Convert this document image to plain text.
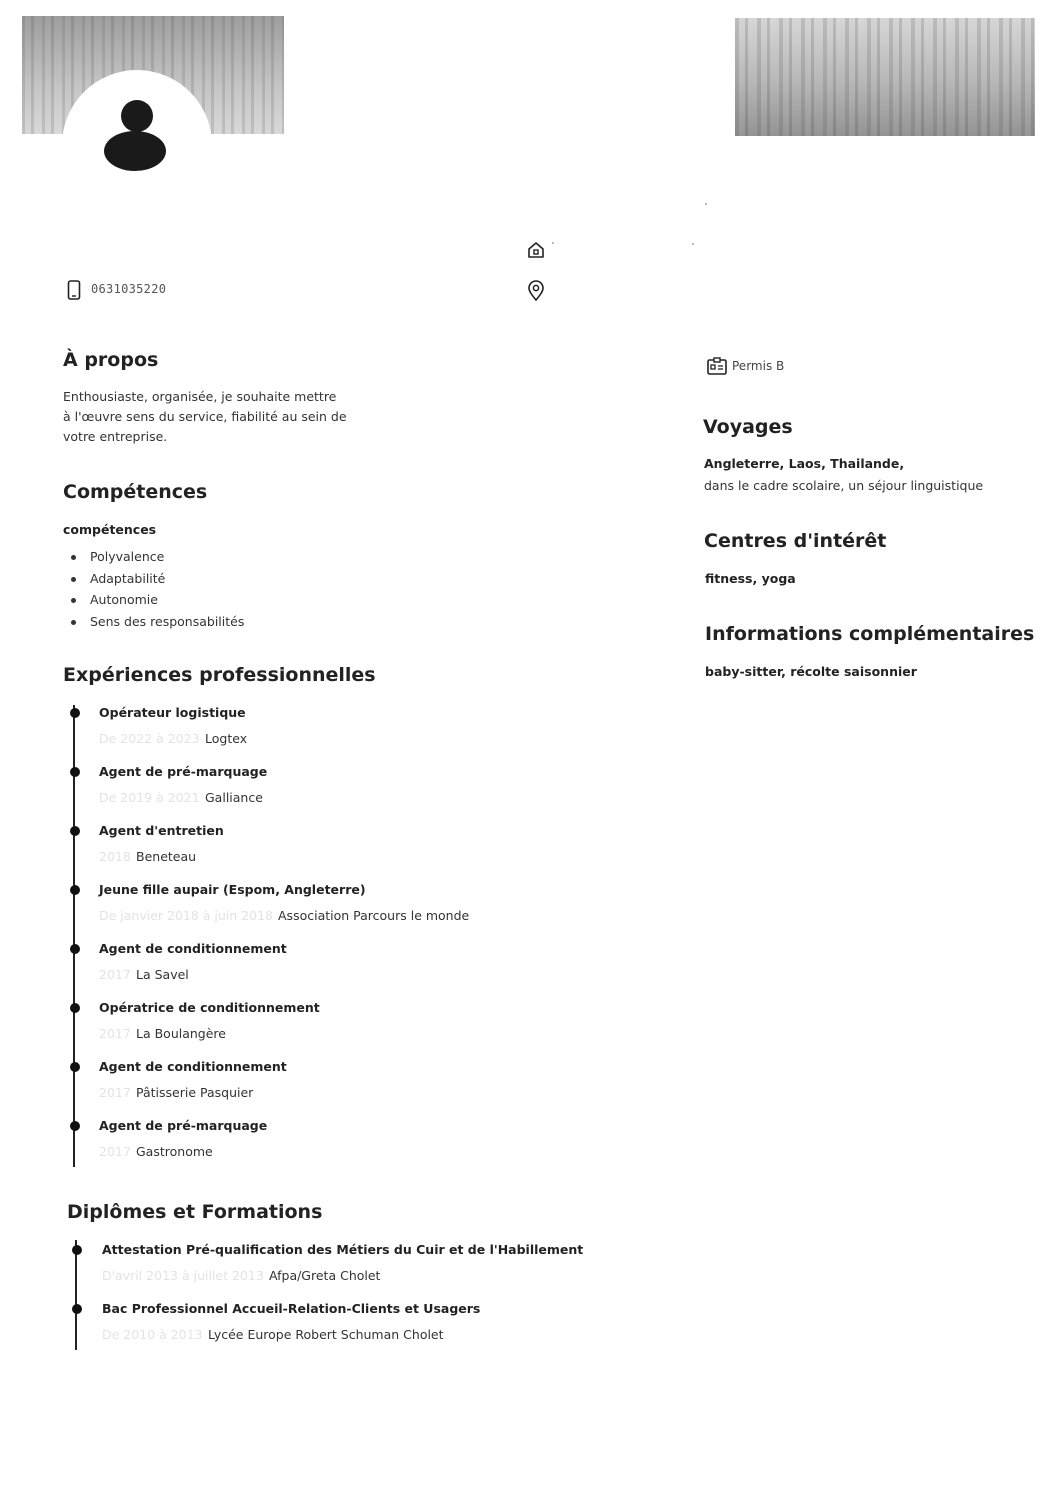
0631035220
À propos

Enthousiaste, organisée, je souhaite mettre

à l'œuvre sens du service, fiabilité au sein de

votre entreprise.

Compétences
compétences
Polyvalence
Adaptabilité
Autonomie
Sens des responsabilités
Expériences professionnelles
Opérateur logistique
De 2022 à 2023 Logtex
Agent de pré-marquage
De 2019 à 2021 Galliance
Agent d'entretien
2018 Beneteau
Jeune fille aupair (Espom, Angleterre)
De janvier 2018 à juin 2018 Association Parcours le monde
Agent de conditionnement
2017 La Savel
Opératrice de conditionnement
2017 La Boulangère
Agent de conditionnement
2017 Pâtisserie Pasquier
Agent de pré-marquage
2017 Gastronome
Diplômes et Formations
Attestation Pré-qualification des Métiers du Cuir et de l'Habillement
D'avril 2013 à juillet 2013 Afpa/Greta Cholet
Bac Professionnel Accueil-Relation-Clients et Usagers
De 2010 à 2013 Lycée Europe Robert Schuman Cholet
Permis B
Voyages
Angleterre, Laos, Thailande,
dans le cadre scolaire, un séjour linguistique
Centres d'intérêt
fitness, yoga
Informations complémentaires
baby-sitter, récolte saisonnier
